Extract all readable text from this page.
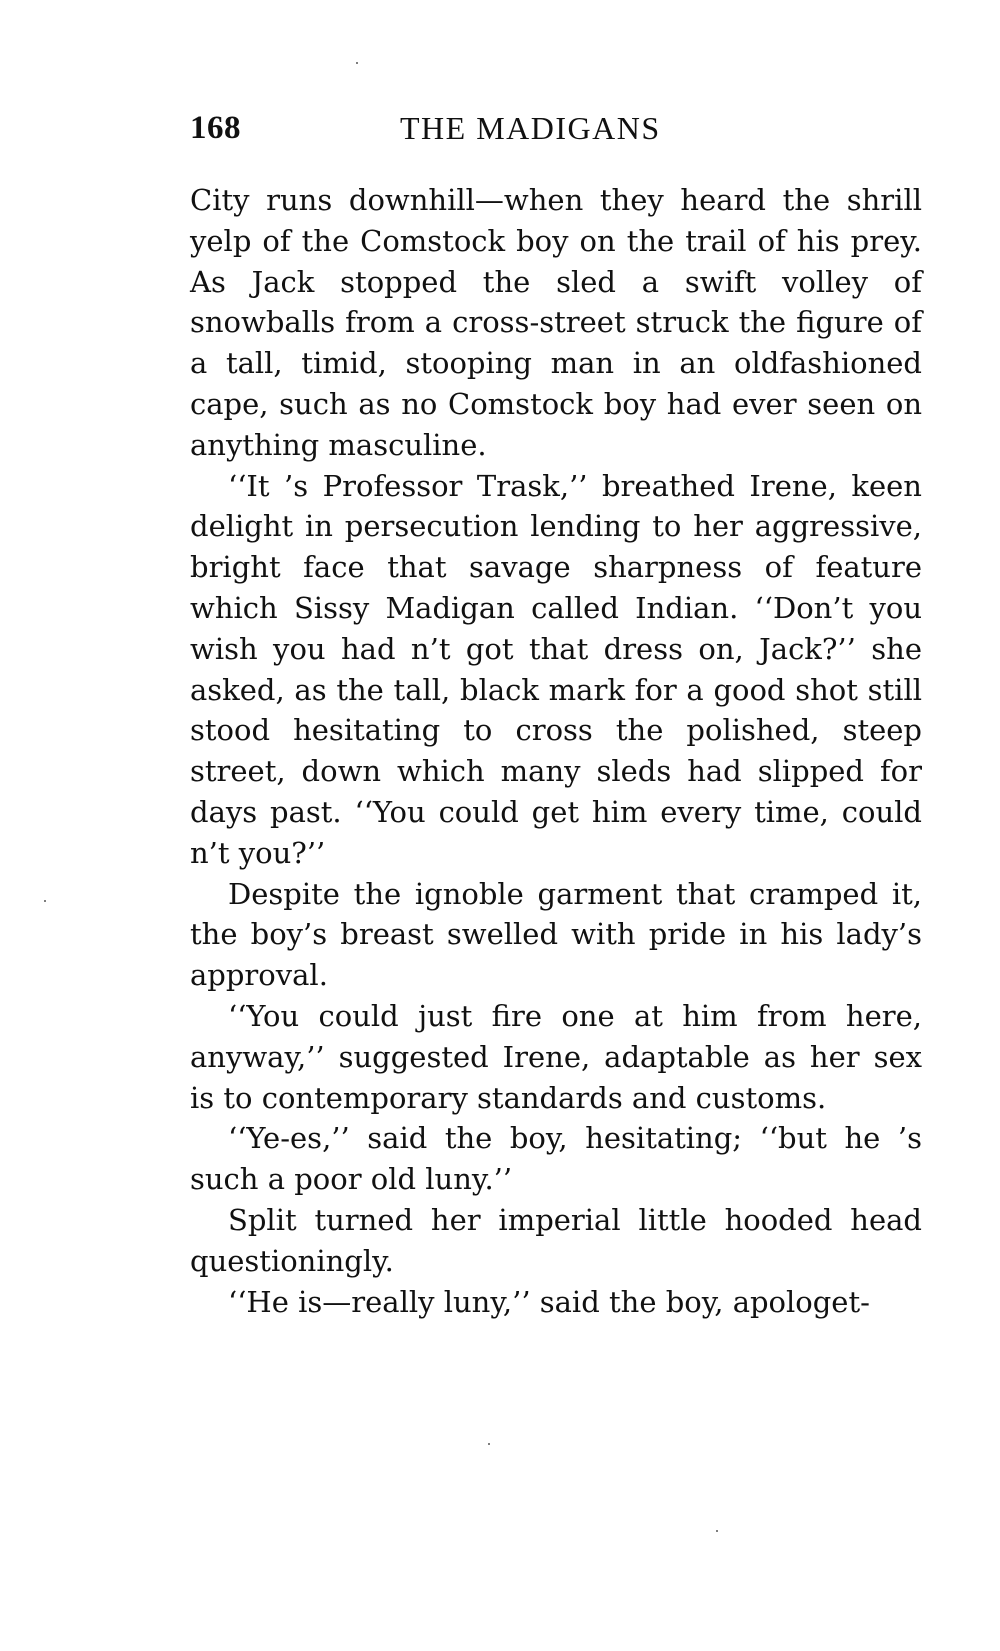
168	THE MADIGANS

City runs downhill—when they heard the shrill yelp of the Comstock boy on the trail of his prey. As Jack stopped the sled a swift volley of snowballs from a cross-street struck the figure of a tall, timid, stooping man in an oldfashioned cape, such as no Comstock boy had ever seen on anything masculine.

‘‘It ’s Professor Trask,’’ breathed Irene, keen delight in persecution lending to her aggressive, bright face that savage sharpness of feature which Sissy Madigan called Indian. ‘‘Don’t you wish you had n’t got that dress on, Jack?’’ she asked, as the tall, black mark for a good shot still stood hesitating to cross the polished, steep street, down which many sleds had slipped for days past. ‘‘You could get him every time, could n’t you?’’

Despite the ignoble garment that cramped it, the boy’s breast swelled with pride in his lady’s approval.

‘‘You could just fire one at him from here, anyway,’’ suggested Irene, adaptable as her sex is to contemporary standards and customs.

‘‘Ye-es,’’ said the boy, hesitating; ‘‘but he ’s such a poor old luny.’’

Split turned her imperial little hooded head questioningly.

‘‘He is—really luny,’’ said the boy, apologet-
